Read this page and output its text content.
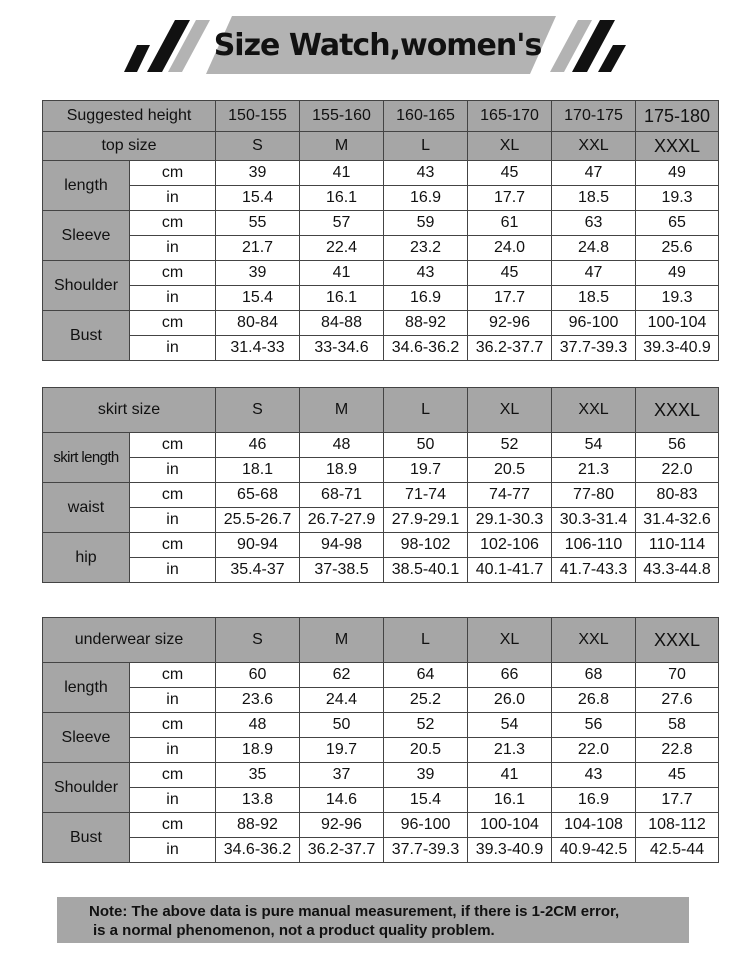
Size Watch,women's
Suggested height		150-155	155-160	160-165	165-170	170-175	175-180
top size		S	M	L	XL	XXL	XXXL
length	cm	39	41	43	45	47	49
	in	15.4	16.1	16.9	17.7	18.5	19.3
Sleeve	cm	55	57	59	61	63	65
	in	21.7	22.4	23.2	24.0	24.8	25.6
Shoulder	cm	39	41	43	45	47	49
	in	15.4	16.1	16.9	17.7	18.5	19.3
Bust	cm	80-84	84-88	88-92	92-96	96-100	100-104
	in	31.4-33	33-34.6	34.6-36.2	36.2-37.7	37.7-39.3	39.3-40.9
skirt size		S	M	L	XL	XXL	XXXL
skirt length	cm	46	48	50	52	54	56
	in	18.1	18.9	19.7	20.5	21.3	22.0
waist	cm	65-68	68-71	71-74	74-77	77-80	80-83
	in	25.5-26.7	26.7-27.9	27.9-29.1	29.1-30.3	30.3-31.4	31.4-32.6
hip	cm	90-94	94-98	98-102	102-106	106-110	110-114
	in	35.4-37	37-38.5	38.5-40.1	40.1-41.7	41.7-43.3	43.3-44.8
underwear size		S	M	L	XL	XXL	XXXL
length	cm	60	62	64	66	68	70
	in	23.6	24.4	25.2	26.0	26.8	27.6
Sleeve	cm	48	50	52	54	56	58
	in	18.9	19.7	20.5	21.3	22.0	22.8
Shoulder	cm	35	37	39	41	43	45
	in	13.8	14.6	15.4	16.1	16.9	17.7
Bust	cm	88-92	92-96	96-100	100-104	104-108	108-112
	in	34.6-36.2	36.2-37.7	37.7-39.3	39.3-40.9	40.9-42.5	42.5-44
Note: The above data is pure manual measurement, if there is 1-2CM error,
is a normal phenomenon, not a product quality problem.
